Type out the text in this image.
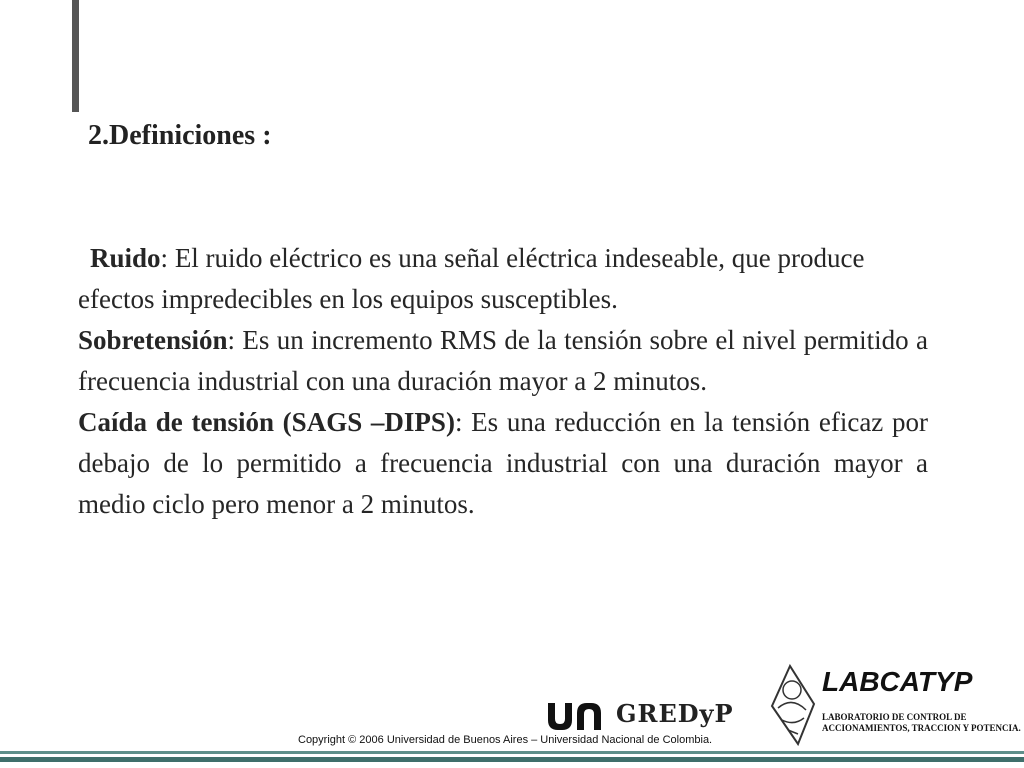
2.Definiciones :

Ruido: El ruido eléctrico es una señal eléctrica indeseable, que produce efectos impredecibles en los equipos susceptibles.

Sobretensión: Es un incremento RMS de la tensión sobre el nivel permitido a frecuencia industrial con una duración mayor a 2 minutos.

Caída de tensión (SAGS –DIPS): Es una reducción en la tensión eficaz por debajo de lo permitido a frecuencia industrial con una duración mayor a medio ciclo pero menor a 2 minutos.

GREDyP
LABCATYP
LABORATORIO DE CONTROL DE
ACCIONAMIENTOS, TRACCION Y POTENCIA.
Copyright © 2006 Universidad de Buenos Aires – Universidad Nacional de Colombia.
